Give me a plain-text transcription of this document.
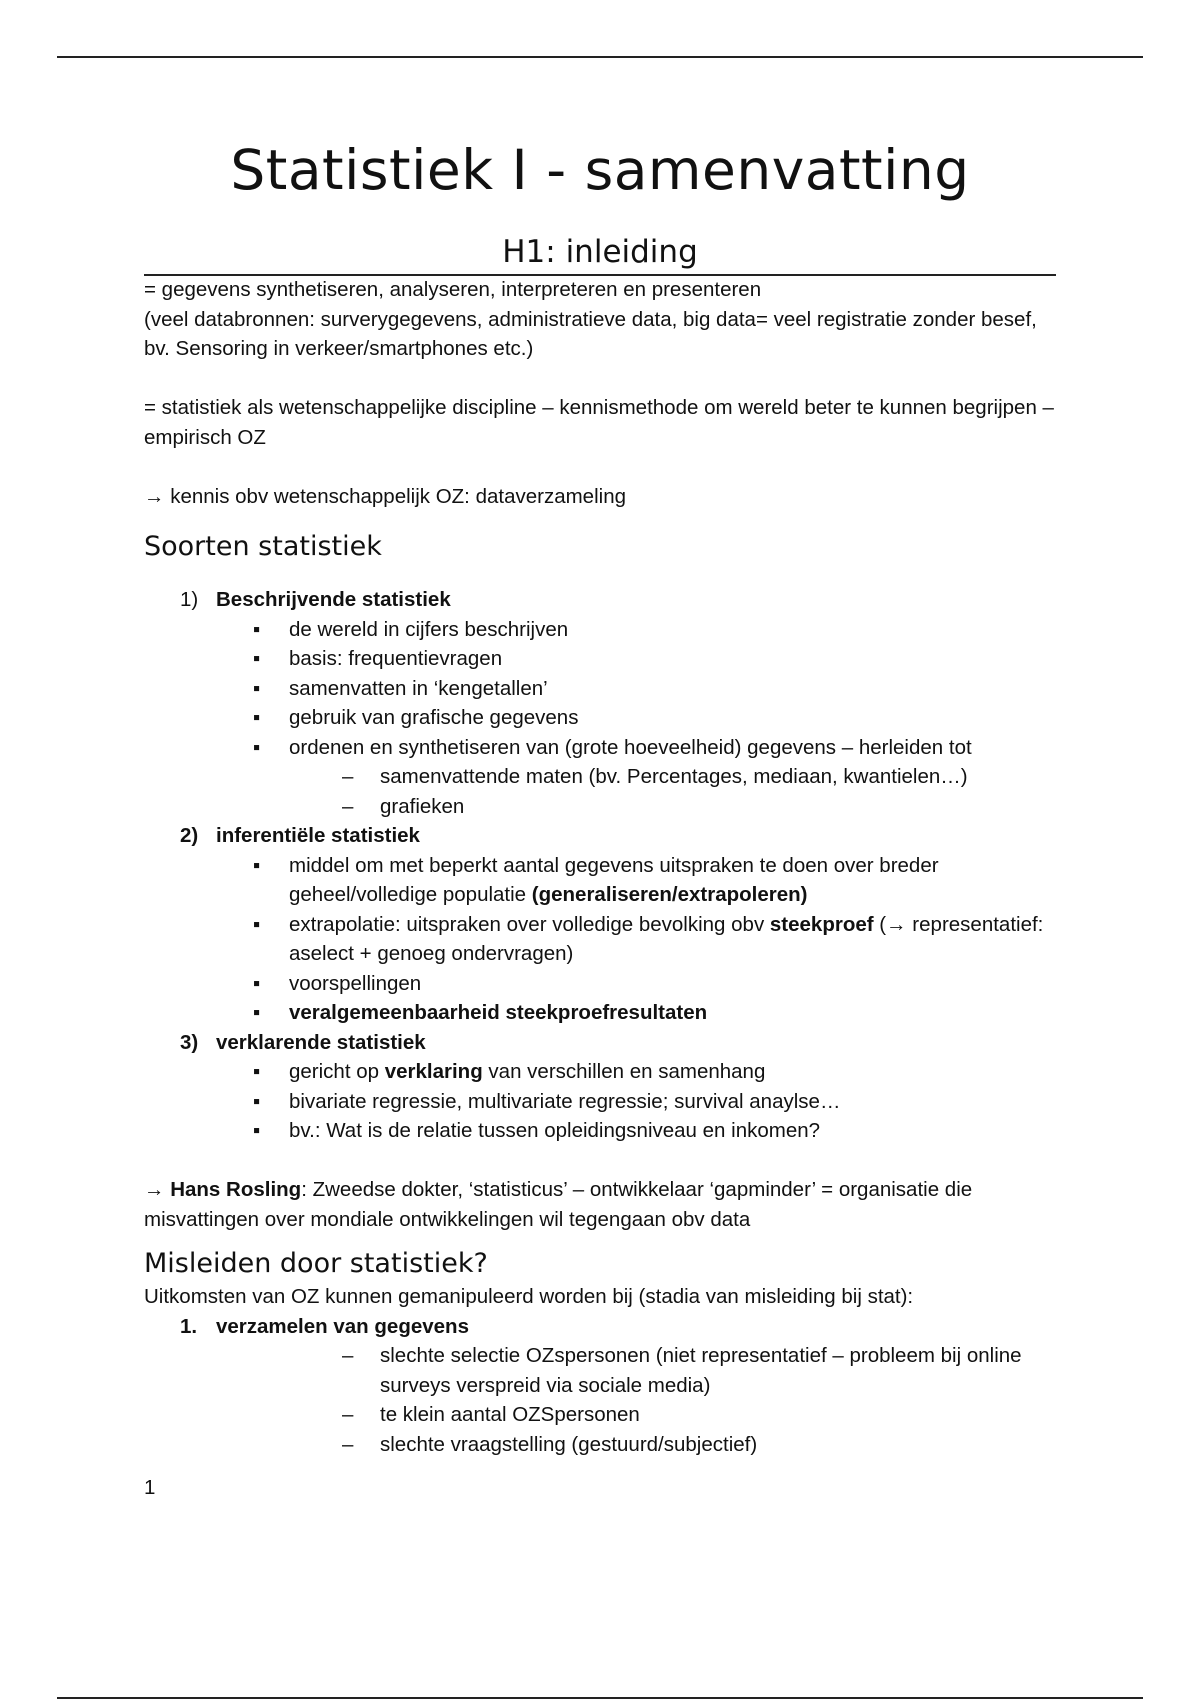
Statistiek I - samenvatting
H1: inleiding

= gegevens synthetiseren, analyseren, interpreteren en presenteren

(veel databronnen: surverygegevens, administratieve data, big data= veel registratie zonder besef, bv. Sensoring in verkeer/smartphones etc.)

= statistiek als wetenschappelijke discipline – kennismethode om wereld beter te kunnen begrijpen – empirisch OZ

→ kennis obv wetenschappelijk OZ: dataverzameling

Soorten statistiek
1) Beschrijvende statistiek
▪ de wereld in cijfers beschrijven
▪ basis: frequentievragen
▪ samenvatten in ‘kengetallen’
▪ gebruik van grafische gegevens
▪ ordenen en synthetiseren van (grote hoeveelheid) gegevens – herleiden tot
– samenvattende maten (bv. Percentages, mediaan, kwantielen…)
– grafieken
2) inferentiële statistiek
▪ middel om met beperkt aantal gegevens uitspraken te doen over breder geheel/volledige populatie (generaliseren/extrapoleren)
▪ extrapolatie: uitspraken over volledige bevolking obv steekproef (→ representatief: aselect + genoeg ondervragen)
▪ voorspellingen
▪ veralgemeenbaarheid steekproefresultaten
3) verklarende statistiek
▪ gericht op verklaring van verschillen en samenhang
▪ bivariate regressie, multivariate regressie; survival anaylse…
▪ bv.: Wat is de relatie tussen opleidingsniveau en inkomen?

→ Hans Rosling: Zweedse dokter, ‘statisticus’ – ontwikkelaar ‘gapminder’ = organisatie die misvattingen over mondiale ontwikkelingen wil tegengaan obv data

Misleiden door statistiek?

Uitkomsten van OZ kunnen gemanipuleerd worden bij (stadia van misleiding bij stat):

1. verzamelen van gegevens
– slechte selectie OZspersonen (niet representatief – probleem bij online surveys verspreid via sociale media)
– te klein aantal OZSpersonen
– slechte vraagstelling (gestuurd/subjectief)

1
